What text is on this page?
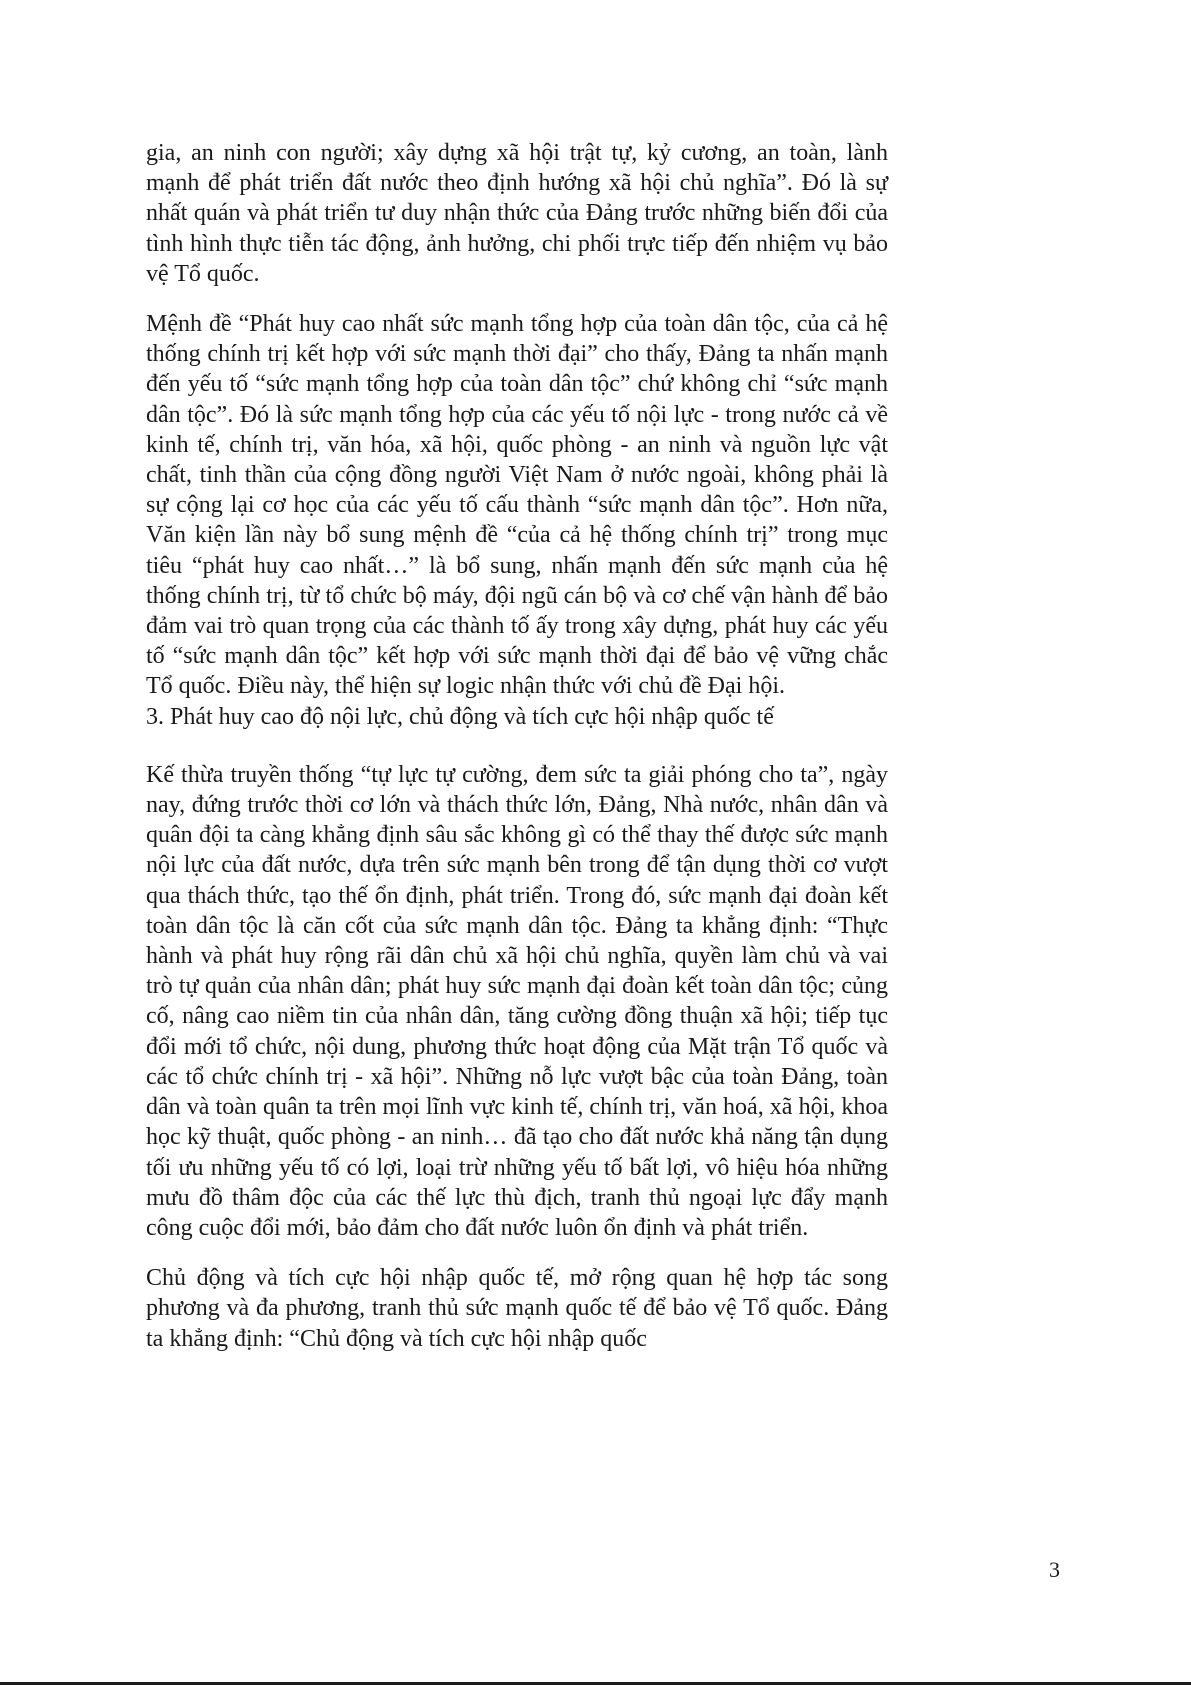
gia, an ninh con người; xây dựng xã hội trật tự, kỷ cương, an toàn, lành mạnh để phát triển đất nước theo định hướng xã hội chủ nghĩa”. Đó là sự nhất quán và phát triển tư duy nhận thức của Đảng trước những biến đổi của tình hình thực tiễn tác động, ảnh hưởng, chi phối trực tiếp đến nhiệm vụ bảo vệ Tổ quốc.

Mệnh đề “Phát huy cao nhất sức mạnh tổng hợp của toàn dân tộc, của cả hệ thống chính trị kết hợp với sức mạnh thời đại” cho thấy, Đảng ta nhấn mạnh đến yếu tố “sức mạnh tổng hợp của toàn dân tộc” chứ không chỉ “sức mạnh dân tộc”. Đó là sức mạnh tổng hợp của các yếu tố nội lực - trong nước cả về kinh tế, chính trị, văn hóa, xã hội, quốc phòng - an ninh và nguồn lực vật chất, tinh thần của cộng đồng người Việt Nam ở nước ngoài, không phải là sự cộng lại cơ học của các yếu tố cấu thành “sức mạnh dân tộc”. Hơn nữa, Văn kiện lần này bổ sung mệnh đề “của cả hệ thống chính trị” trong mục tiêu “phát huy cao nhất…” là bổ sung, nhấn mạnh đến sức mạnh của hệ thống chính trị, từ tổ chức bộ máy, đội ngũ cán bộ và cơ chế vận hành để bảo đảm vai trò quan trọng của các thành tố ấy trong xây dựng, phát huy các yếu tố “sức mạnh dân tộc” kết hợp với sức mạnh thời đại để bảo vệ vững chắc Tổ quốc. Điều này, thể hiện sự logic nhận thức với chủ đề Đại hội.

3. Phát huy cao độ nội lực, chủ động và tích cực hội nhập quốc tế

Kế thừa truyền thống “tự lực tự cường, đem sức ta giải phóng cho ta”, ngày nay, đứng trước thời cơ lớn và thách thức lớn, Đảng, Nhà nước, nhân dân và quân đội ta càng khẳng định sâu sắc không gì có thể thay thế được sức mạnh nội lực của đất nước, dựa trên sức mạnh bên trong để tận dụng thời cơ vượt qua thách thức, tạo thế ổn định, phát triển. Trong đó, sức mạnh đại đoàn kết toàn dân tộc là căn cốt của sức mạnh dân tộc. Đảng ta khẳng định: “Thực hành và phát huy rộng rãi dân chủ xã hội chủ nghĩa, quyền làm chủ và vai trò tự quản của nhân dân; phát huy sức mạnh đại đoàn kết toàn dân tộc; củng cố, nâng cao niềm tin của nhân dân, tăng cường đồng thuận xã hội; tiếp tục đổi mới tổ chức, nội dung, phương thức hoạt động của Mặt trận Tổ quốc và các tổ chức chính trị - xã hội”. Những nỗ lực vượt bậc của toàn Đảng, toàn dân và toàn quân ta trên mọi lĩnh vực kinh tế, chính trị, văn hoá, xã hội, khoa học kỹ thuật, quốc phòng - an ninh… đã tạo cho đất nước khả năng tận dụng tối ưu những yếu tố có lợi, loại trừ những yếu tố bất lợi, vô hiệu hóa những mưu đồ thâm độc của các thế lực thù địch, tranh thủ ngoại lực đẩy mạnh công cuộc đổi mới, bảo đảm cho đất nước luôn ổn định và phát triển.

Chủ động và tích cực hội nhập quốc tế, mở rộng quan hệ hợp tác song phương và đa phương, tranh thủ sức mạnh quốc tế để bảo vệ Tổ quốc. Đảng ta khẳng định: “Chủ động và tích cực hội nhập quốc

3
